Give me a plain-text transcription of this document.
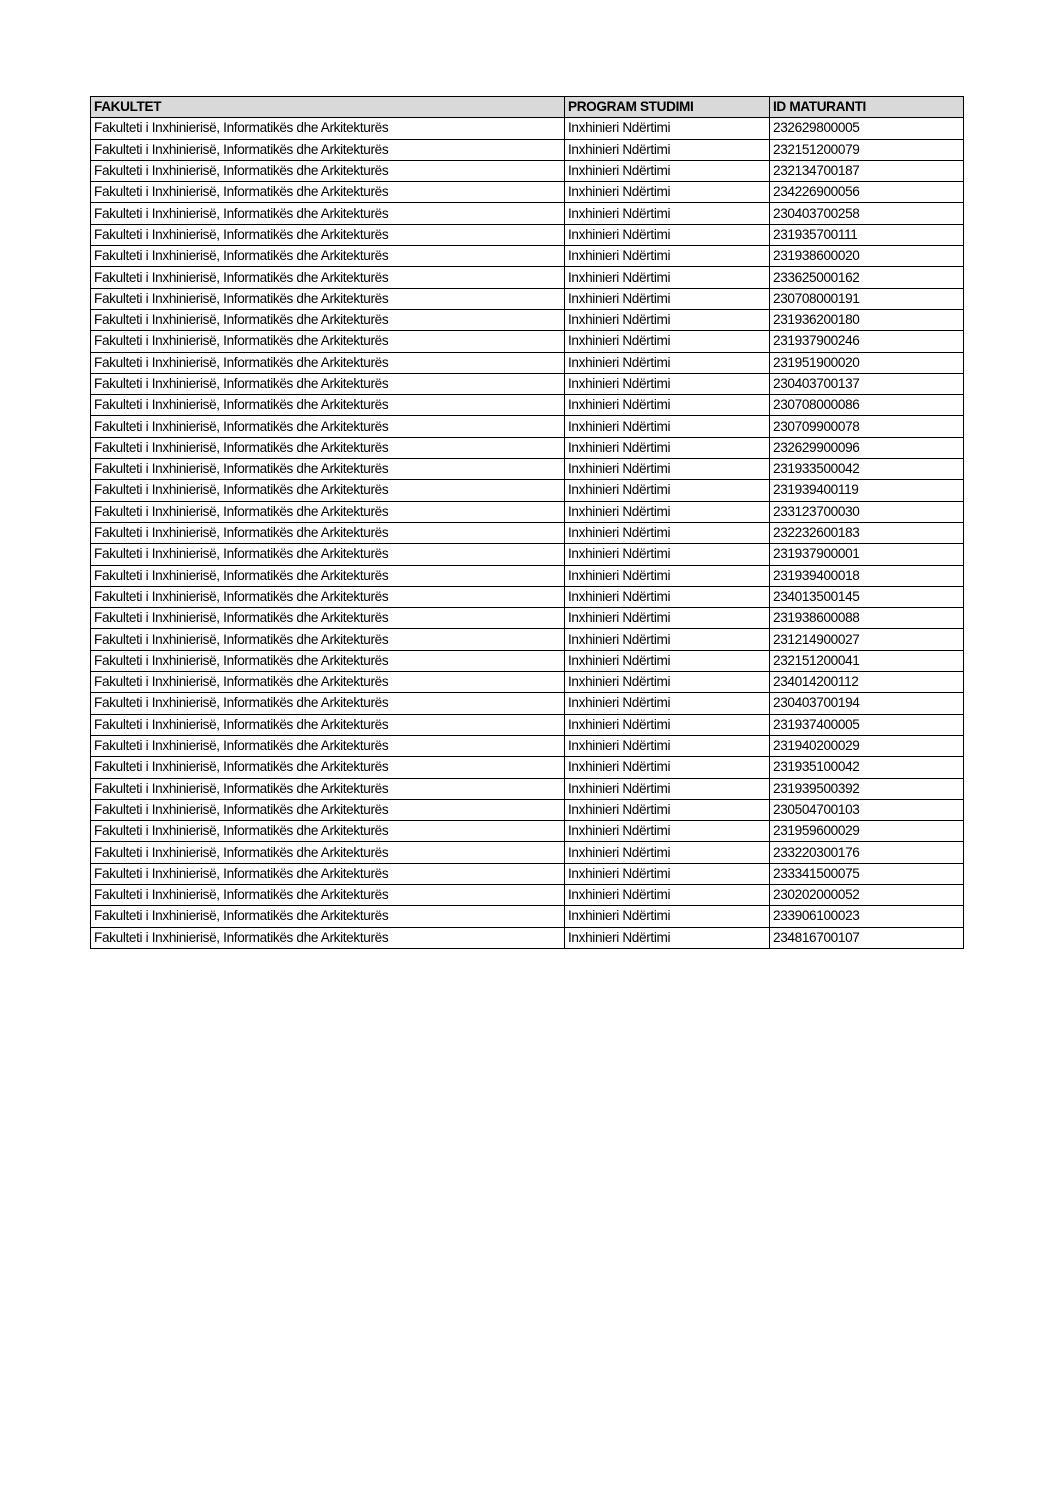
FAKULTET	PROGRAM STUDIMI	ID MATURANTI
Fakulteti i Inxhinierisë, Informatikës dhe Arkitekturës	Inxhinieri Ndërtimi	232629800005
Fakulteti i Inxhinierisë, Informatikës dhe Arkitekturës	Inxhinieri Ndërtimi	232151200079
Fakulteti i Inxhinierisë, Informatikës dhe Arkitekturës	Inxhinieri Ndërtimi	232134700187
Fakulteti i Inxhinierisë, Informatikës dhe Arkitekturës	Inxhinieri Ndërtimi	234226900056
Fakulteti i Inxhinierisë, Informatikës dhe Arkitekturës	Inxhinieri Ndërtimi	230403700258
Fakulteti i Inxhinierisë, Informatikës dhe Arkitekturës	Inxhinieri Ndërtimi	231935700111
Fakulteti i Inxhinierisë, Informatikës dhe Arkitekturës	Inxhinieri Ndërtimi	231938600020
Fakulteti i Inxhinierisë, Informatikës dhe Arkitekturës	Inxhinieri Ndërtimi	233625000162
Fakulteti i Inxhinierisë, Informatikës dhe Arkitekturës	Inxhinieri Ndërtimi	230708000191
Fakulteti i Inxhinierisë, Informatikës dhe Arkitekturës	Inxhinieri Ndërtimi	231936200180
Fakulteti i Inxhinierisë, Informatikës dhe Arkitekturës	Inxhinieri Ndërtimi	231937900246
Fakulteti i Inxhinierisë, Informatikës dhe Arkitekturës	Inxhinieri Ndërtimi	231951900020
Fakulteti i Inxhinierisë, Informatikës dhe Arkitekturës	Inxhinieri Ndërtimi	230403700137
Fakulteti i Inxhinierisë, Informatikës dhe Arkitekturës	Inxhinieri Ndërtimi	230708000086
Fakulteti i Inxhinierisë, Informatikës dhe Arkitekturës	Inxhinieri Ndërtimi	230709900078
Fakulteti i Inxhinierisë, Informatikës dhe Arkitekturës	Inxhinieri Ndërtimi	232629900096
Fakulteti i Inxhinierisë, Informatikës dhe Arkitekturës	Inxhinieri Ndërtimi	231933500042
Fakulteti i Inxhinierisë, Informatikës dhe Arkitekturës	Inxhinieri Ndërtimi	231939400119
Fakulteti i Inxhinierisë, Informatikës dhe Arkitekturës	Inxhinieri Ndërtimi	233123700030
Fakulteti i Inxhinierisë, Informatikës dhe Arkitekturës	Inxhinieri Ndërtimi	232232600183
Fakulteti i Inxhinierisë, Informatikës dhe Arkitekturës	Inxhinieri Ndërtimi	231937900001
Fakulteti i Inxhinierisë, Informatikës dhe Arkitekturës	Inxhinieri Ndërtimi	231939400018
Fakulteti i Inxhinierisë, Informatikës dhe Arkitekturës	Inxhinieri Ndërtimi	234013500145
Fakulteti i Inxhinierisë, Informatikës dhe Arkitekturës	Inxhinieri Ndërtimi	231938600088
Fakulteti i Inxhinierisë, Informatikës dhe Arkitekturës	Inxhinieri Ndërtimi	231214900027
Fakulteti i Inxhinierisë, Informatikës dhe Arkitekturës	Inxhinieri Ndërtimi	232151200041
Fakulteti i Inxhinierisë, Informatikës dhe Arkitekturës	Inxhinieri Ndërtimi	234014200112
Fakulteti i Inxhinierisë, Informatikës dhe Arkitekturës	Inxhinieri Ndërtimi	230403700194
Fakulteti i Inxhinierisë, Informatikës dhe Arkitekturës	Inxhinieri Ndërtimi	231937400005
Fakulteti i Inxhinierisë, Informatikës dhe Arkitekturës	Inxhinieri Ndërtimi	231940200029
Fakulteti i Inxhinierisë, Informatikës dhe Arkitekturës	Inxhinieri Ndërtimi	231935100042
Fakulteti i Inxhinierisë, Informatikës dhe Arkitekturës	Inxhinieri Ndërtimi	231939500392
Fakulteti i Inxhinierisë, Informatikës dhe Arkitekturës	Inxhinieri Ndërtimi	230504700103
Fakulteti i Inxhinierisë, Informatikës dhe Arkitekturës	Inxhinieri Ndërtimi	231959600029
Fakulteti i Inxhinierisë, Informatikës dhe Arkitekturës	Inxhinieri Ndërtimi	233220300176
Fakulteti i Inxhinierisë, Informatikës dhe Arkitekturës	Inxhinieri Ndërtimi	233341500075
Fakulteti i Inxhinierisë, Informatikës dhe Arkitekturës	Inxhinieri Ndërtimi	230202000052
Fakulteti i Inxhinierisë, Informatikës dhe Arkitekturës	Inxhinieri Ndërtimi	233906100023
Fakulteti i Inxhinierisë, Informatikës dhe Arkitekturës	Inxhinieri Ndërtimi	234816700107
